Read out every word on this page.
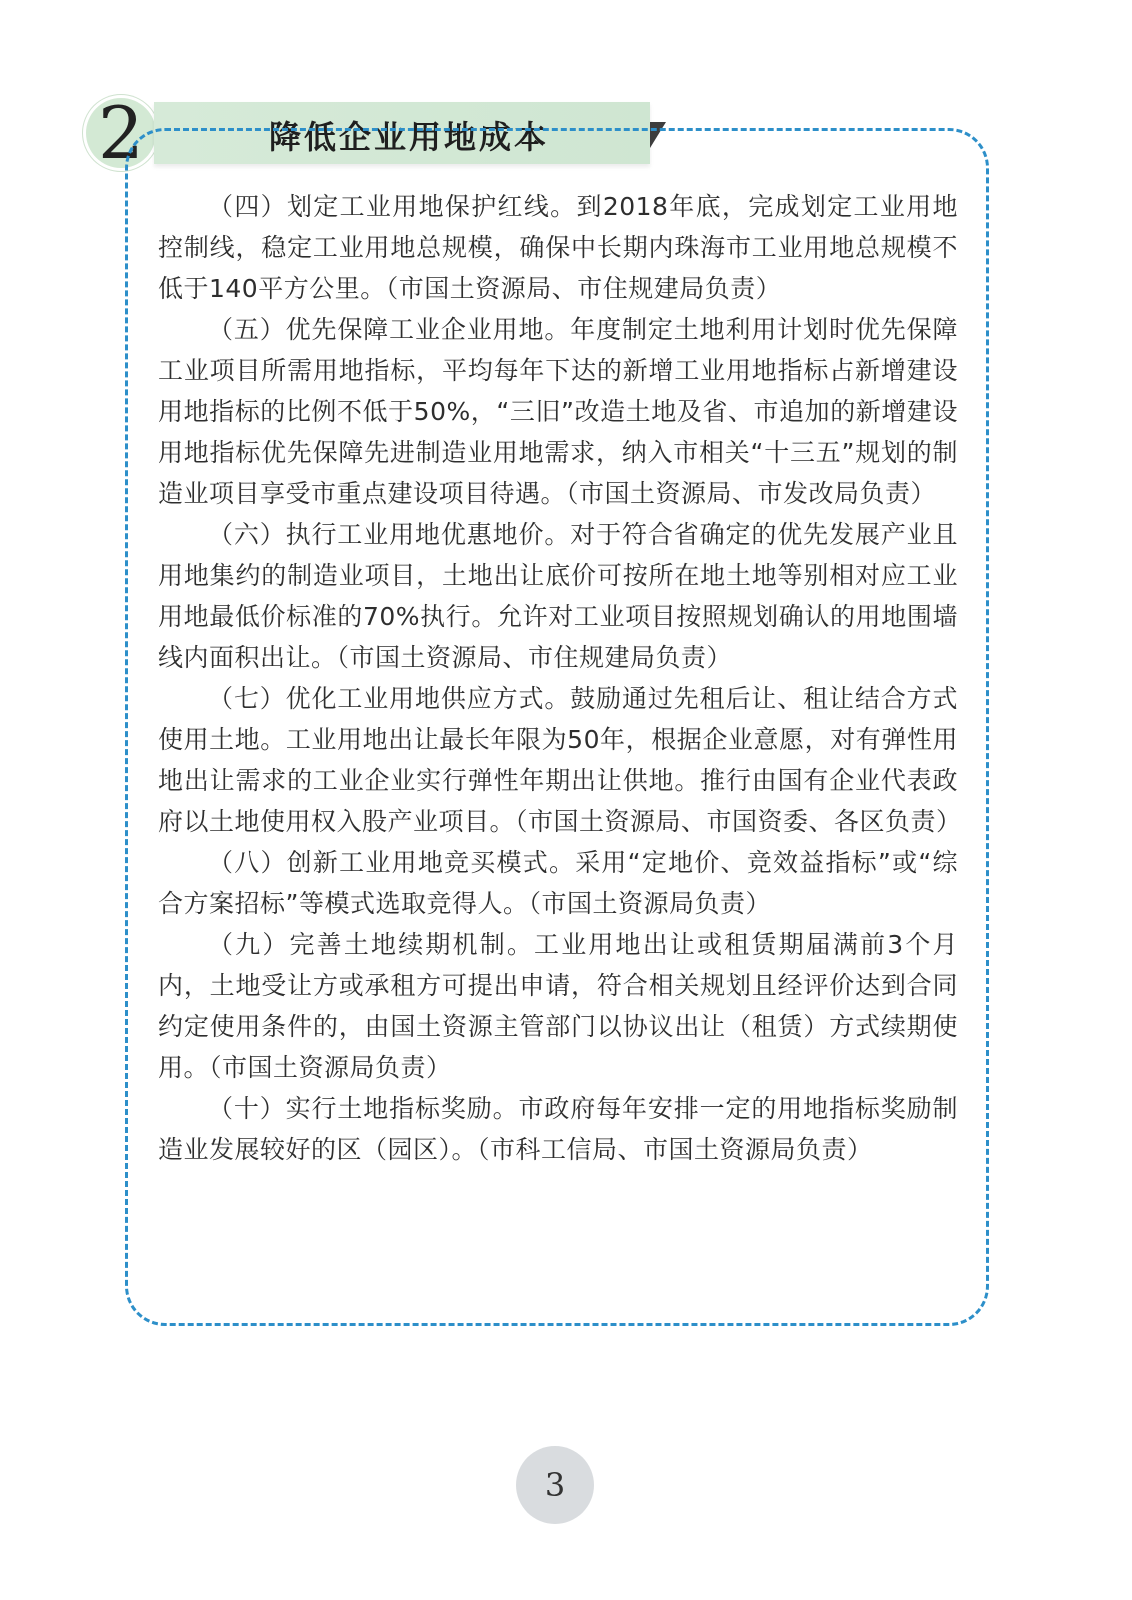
2	降低企业用地成本

（四）划定工业用地保护红线。到2018年底，完成划定工业用地控制线，稳定工业用地总规模，确保中长期内珠海市工业用地总规模不低于140平方公里。（市国土资源局、市住规建局负责）

（五）优先保障工业企业用地。年度制定土地利用计划时优先保障工业项目所需用地指标，平均每年下达的新增工业用地指标占新增建设用地指标的比例不低于50%，“三旧”改造土地及省、市追加的新增建设用地指标优先保障先进制造业用地需求，纳入市相关“十三五”规划的制造业项目享受市重点建设项目待遇。（市国土资源局、市发改局负责）

（六）执行工业用地优惠地价。对于符合省确定的优先发展产业且用地集约的制造业项目，土地出让底价可按所在地土地等别相对应工业用地最低价标准的70%执行。允许对工业项目按照规划确认的用地围墙线内面积出让。（市国土资源局、市住规建局负责）

（七）优化工业用地供应方式。鼓励通过先租后让、租让结合方式使用土地。工业用地出让最长年限为50年，根据企业意愿，对有弹性用地出让需求的工业企业实行弹性年期出让供地。推行由国有企业代表政府以土地使用权入股产业项目。（市国土资源局、市国资委、各区负责）

（八）创新工业用地竞买模式。采用“定地价、竞效益指标”或“综合方案招标”等模式选取竞得人。（市国土资源局负责）

（九）完善土地续期机制。工业用地出让或租赁期届满前3个月内，土地受让方或承租方可提出申请，符合相关规划且经评价达到合同约定使用条件的，由国土资源主管部门以协议出让（租赁）方式续期使用。（市国土资源局负责）

（十）实行土地指标奖励。市政府每年安排一定的用地指标奖励制造业发展较好的区（园区）。（市科工信局、市国土资源局负责）

3
